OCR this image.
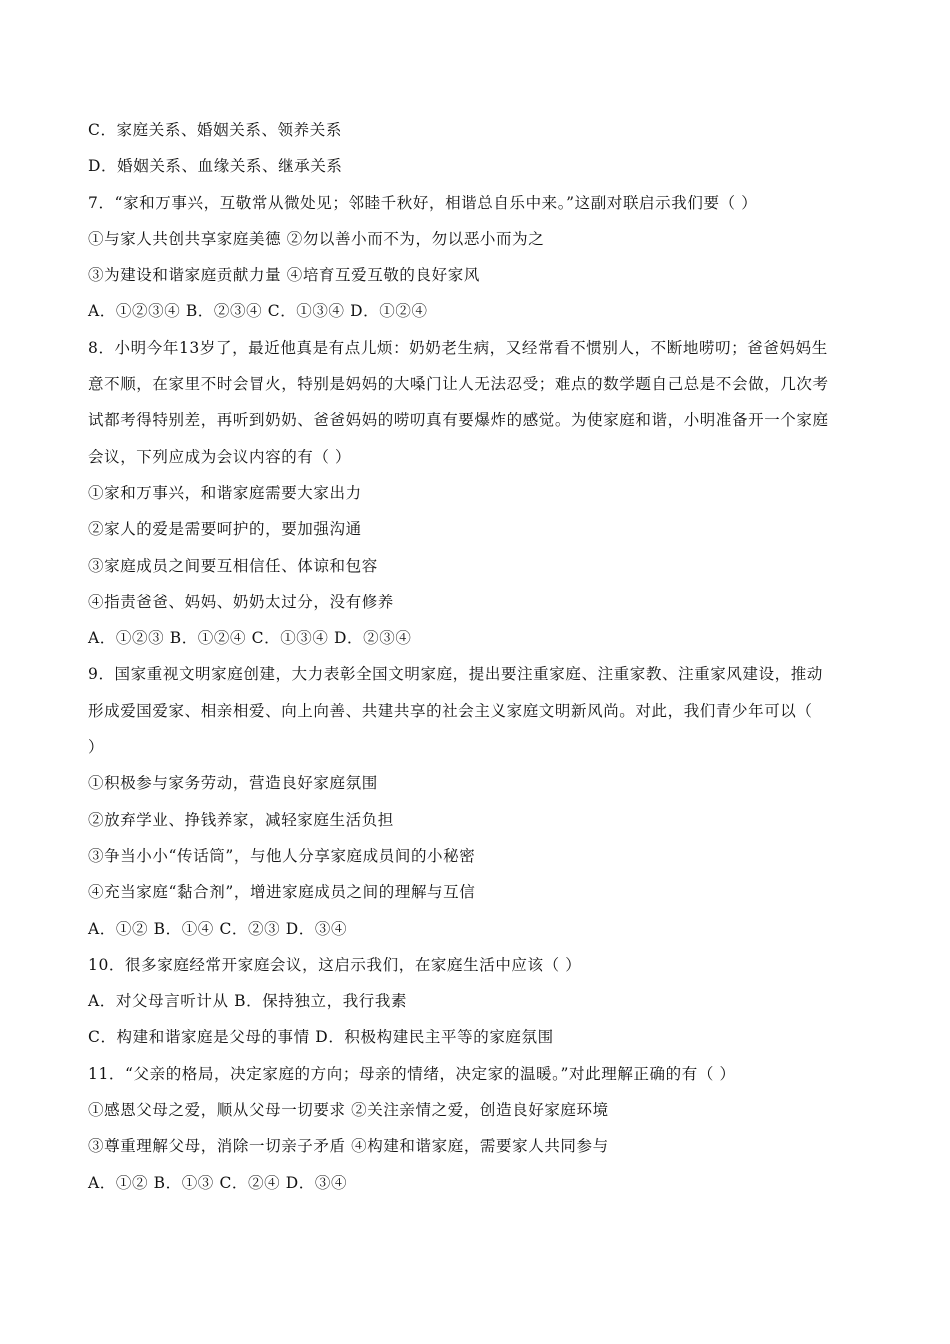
C．家庭关系、婚姻关系、领养关系
D．婚姻关系、血缘关系、继承关系
7．“家和万事兴，互敬常从微处见；邻睦千秋好，相谐总自乐中来。”这副对联启示我们要（ ）
①与家人共创共享家庭美德 ②勿以善小而不为，勿以恶小而为之
③为建设和谐家庭贡献力量 ④培育互爱互敬的良好家风
A．①②③④ B．②③④ C．①③④ D．①②④
8．小明今年13岁了，最近他真是有点儿烦：奶奶老生病，又经常看不惯别人，不断地唠叨；爸爸妈妈生
意不顺，在家里不时会冒火，特别是妈妈的大嗓门让人无法忍受；难点的数学题自己总是不会做，几次考
试都考得特别差，再听到奶奶、爸爸妈妈的唠叨真有要爆炸的感觉。为使家庭和谐，小明准备开一个家庭
会议，下列应成为会议内容的有（ ）
①家和万事兴，和谐家庭需要大家出力
②家人的爱是需要呵护的，要加强沟通
③家庭成员之间要互相信任、体谅和包容
④指责爸爸、妈妈、奶奶太过分，没有修养
A．①②③ B．①②④ C．①③④ D．②③④
9．国家重视文明家庭创建，大力表彰全国文明家庭，提出要注重家庭、注重家教、注重家风建设，推动
形成爱国爱家、相亲相爱、向上向善、共建共享的社会主义家庭文明新风尚。对此，我们青少年可以（
）
①积极参与家务劳动，营造良好家庭氛围
②放弃学业、挣钱养家，减轻家庭生活负担
③争当小小“传话筒”，与他人分享家庭成员间的小秘密
④充当家庭“黏合剂”，增进家庭成员之间的理解与互信
A．①② B．①④ C．②③ D．③④
10．很多家庭经常开家庭会议，这启示我们，在家庭生活中应该（ ）
A．对父母言听计从 B．保持独立，我行我素
C．构建和谐家庭是父母的事情 D．积极构建民主平等的家庭氛围
11．“父亲的格局，决定家庭的方向；母亲的情绪，决定家的温暖。”对此理解正确的有（ ）
①感恩父母之爱，顺从父母一切要求 ②关注亲情之爱，创造良好家庭环境
③尊重理解父母，消除一切亲子矛盾 ④构建和谐家庭，需要家人共同参与
A．①② B．①③ C．②④ D．③④
